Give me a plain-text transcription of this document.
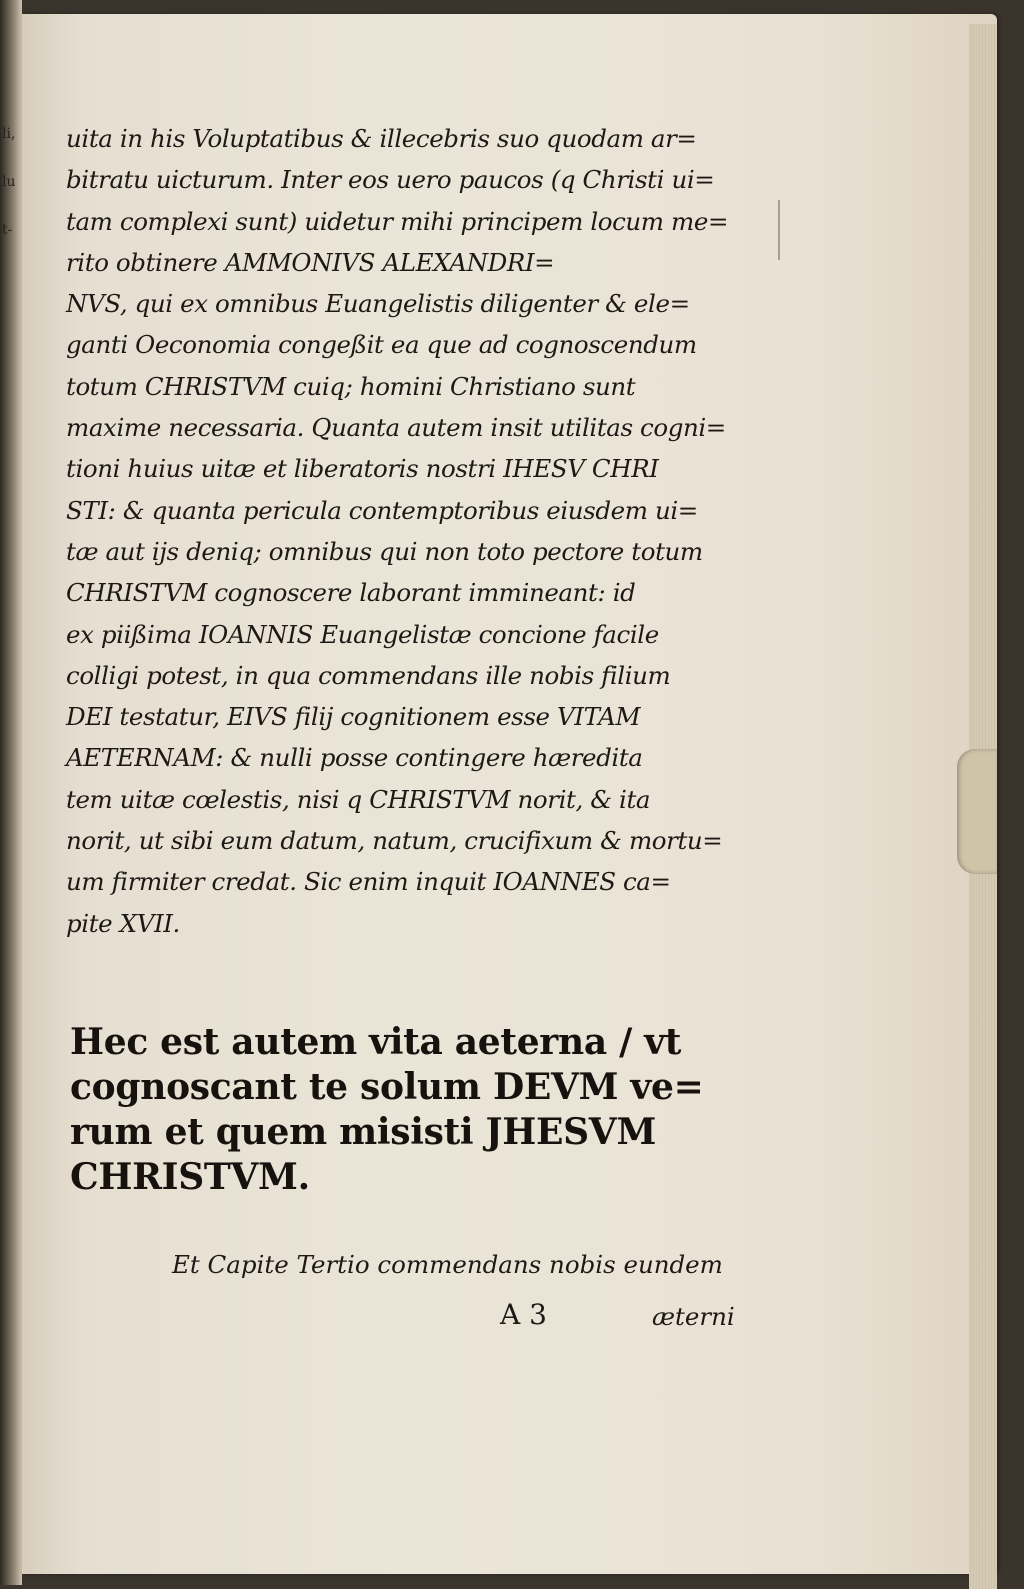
li,
lu
t-
uita in his Voluptatibus & illecebris suo quodam ar=
bitratu uicturum. Inter eos uero paucos (q Christi ui=
tam complexi sunt) uidetur mihi principem locum me=
rito obtinere AMMONIVS ALEXANDRI=
NVS, qui ex omnibus Euangelistis diligenter & ele=
ganti Oeconomia congeßit ea que ad cognoscendum
totum CHRISTVM cuiq; homini Christiano sunt
maxime necessaria. Quanta autem insit utilitas cogni=
tioni huius uitæ et liberatoris nostri IHESV CHRI
STI: & quanta pericula contemptoribus eiusdem ui=
tæ aut ijs deniq; omnibus qui non toto pectore totum
CHRISTVM cognoscere laborant immineant: id
ex piißima IOANNIS Euangelistæ concione facile
colligi potest, in qua commendans ille nobis filium
DEI testatur, EIVS filij cognitionem esse VITAM
AETERNAM: & nulli posse contingere hæredita
tem uitæ cœlestis, nisi q CHRISTVM norit, & ita
norit, ut sibi eum datum, natum, crucifixum & mortu=
um firmiter credat. Sic enim inquit IOANNES ca=
pite XVII.
Hec est autem vita aeterna / vt
cognoscant te solum DEVM ve=
rum et quem misisti JHESVM
CHRISTVM.
Et Capite Tertio commendans nobis eundem
A 3	æterni
